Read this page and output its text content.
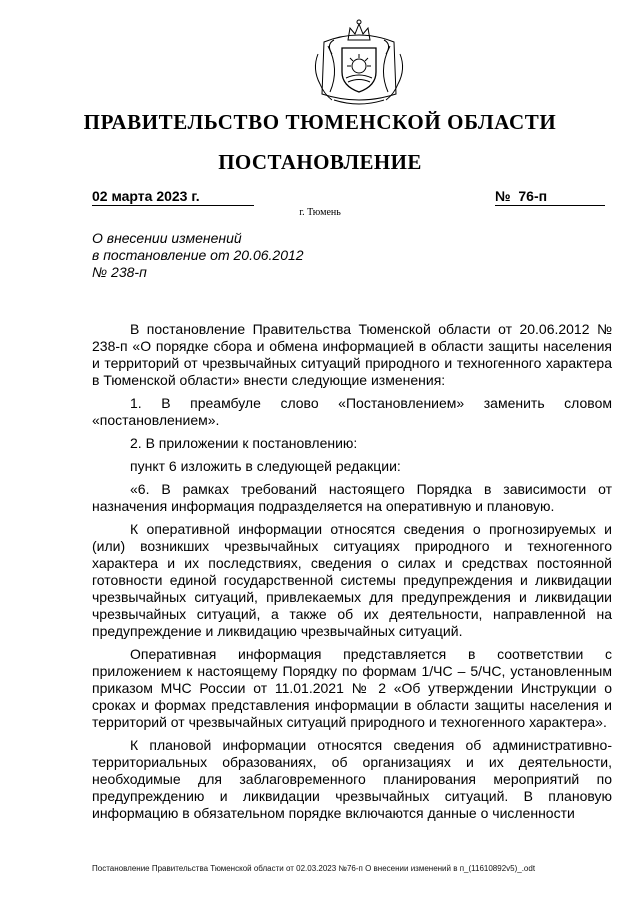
ПРАВИТЕЛЬСТВО ТЮМЕНСКОЙ ОБЛАСТИ
ПОСТАНОВЛЕНИЕ
02 марта 2023 г.	№ 76-п
г. Тюмень
О внесении изменений
в постановление от 20.06.2012
№ 238-п

В постановление Правительства Тюменской области от 20.06.2012 № 238-п «О порядке сбора и обмена информацией в области защиты населения и территорий от чрезвычайных ситуаций природного и техногенного характера в Тюменской области» внести следующие изменения:

1. В преамбуле слово «Постановлением» заменить словом «постановлением».

2. В приложении к постановлению:

пункт 6 изложить в следующей редакции:

«6. В рамках требований настоящего Порядка в зависимости от назначения информация подразделяется на оперативную и плановую.

К оперативной информации относятся сведения о прогнозируемых и (или) возникших чрезвычайных ситуациях природного и техногенного характера и их последствиях, сведения о силах и средствах постоянной готовности единой государственной системы предупреждения и ликвидации чрезвычайных ситуаций, привлекаемых для предупреждения и ликвидации чрезвычайных ситуаций, а также об их деятельности, направленной на предупреждение и ликвидацию чрезвычайных ситуаций.

Оперативная информация представляется в соответствии с приложением к настоящему Порядку по формам 1/ЧС – 5/ЧС, установленным приказом МЧС России от 11.01.2021 № 2 «Об утверждении Инструкции о сроках и формах представления информации в области защиты населения и территорий от чрезвычайных ситуаций природного и техногенного характера».

К плановой информации относятся сведения об административно-территориальных образованиях, об организациях и их деятельности, необходимые для заблаговременного планирования мероприятий по предупреждению и ликвидации чрезвычайных ситуаций. В плановую информацию в обязательном порядке включаются данные о численности

Постановление Правительства Тюменской области от 02.03.2023 №76-п О внесении изменений в п_(11610892v5)_.odt
